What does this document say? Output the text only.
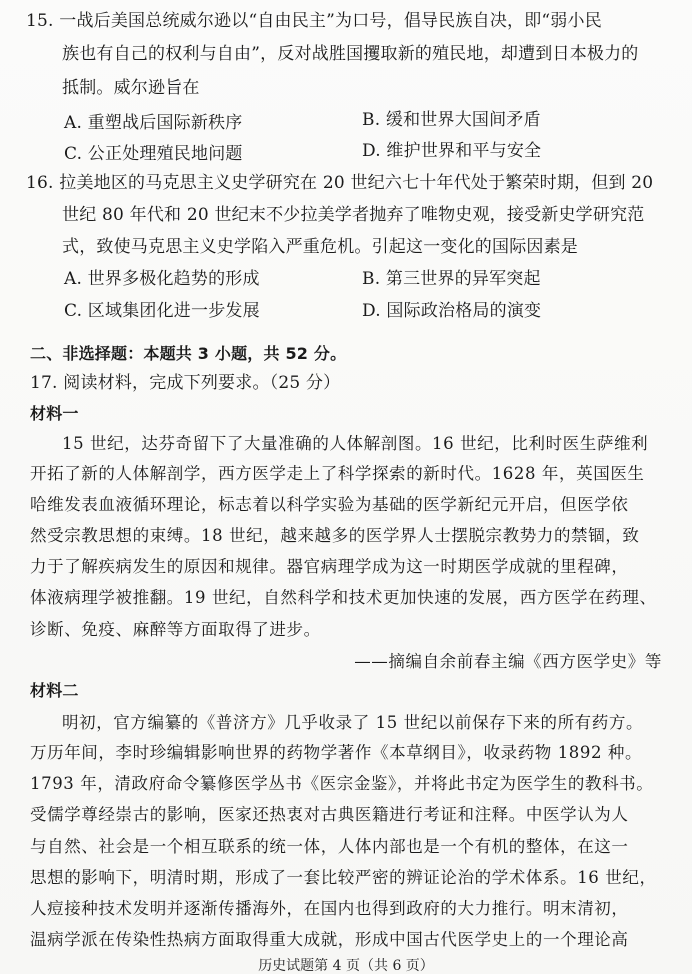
15. 一战后美国总统威尔逊以“自由民主”为口号，倡导民族自决，即“弱小民
族也有自己的权利与自由”，反对战胜国攫取新的殖民地，却遭到日本极力的
抵制。威尔逊旨在
A. 重塑战后国际新秩序	B. 缓和世界大国间矛盾
C. 公正处理殖民地问题	D. 维护世界和平与安全
16. 拉美地区的马克思主义史学研究在 20 世纪六七十年代处于繁荣时期，但到 20
世纪 80 年代和 20 世纪末不少拉美学者抛弃了唯物史观，接受新史学研究范
式，致使马克思主义史学陷入严重危机。引起这一变化的国际因素是
A. 世界多极化趋势的形成	B. 第三世界的异军突起
C. 区域集团化进一步发展	D. 国际政治格局的演变
二、非选择题：本题共 3 小题，共 52 分。
17. 阅读材料，完成下列要求。（25 分）
材料一
15 世纪，达芬奇留下了大量准确的人体解剖图。16 世纪，比利时医生萨维利
开拓了新的人体解剖学，西方医学走上了科学探索的新时代。1628 年，英国医生
哈维发表血液循环理论，标志着以科学实验为基础的医学新纪元开启，但医学依
然受宗教思想的束缚。18 世纪，越来越多的医学界人士摆脱宗教势力的禁锢，致
力于了解疾病发生的原因和规律。器官病理学成为这一时期医学成就的里程碑，
体液病理学被推翻。19 世纪，自然科学和技术更加快速的发展，西方医学在药理、
诊断、免疫、麻醉等方面取得了进步。
——摘编自余前春主编《西方医学史》等
材料二
明初，官方编纂的《普济方》几乎收录了 15 世纪以前保存下来的所有药方。
万历年间，李时珍编辑影响世界的药物学著作《本草纲目》，收录药物 1892 种。
1793 年，清政府命令纂修医学丛书《医宗金鉴》，并将此书定为医学生的教科书。
受儒学尊经崇古的影响，医家还热衷对古典医籍进行考证和注释。中医学认为人
与自然、社会是一个相互联系的统一体，人体内部也是一个有机的整体，在这一
思想的影响下，明清时期，形成了一套比较严密的辨证论治的学术体系。16 世纪，
人痘接种技术发明并逐渐传播海外，在国内也得到政府的大力推行。明末清初，
温病学派在传染性热病方面取得重大成就，形成中国古代医学史上的一个理论高
历史试题第 4 页（共 6 页）
